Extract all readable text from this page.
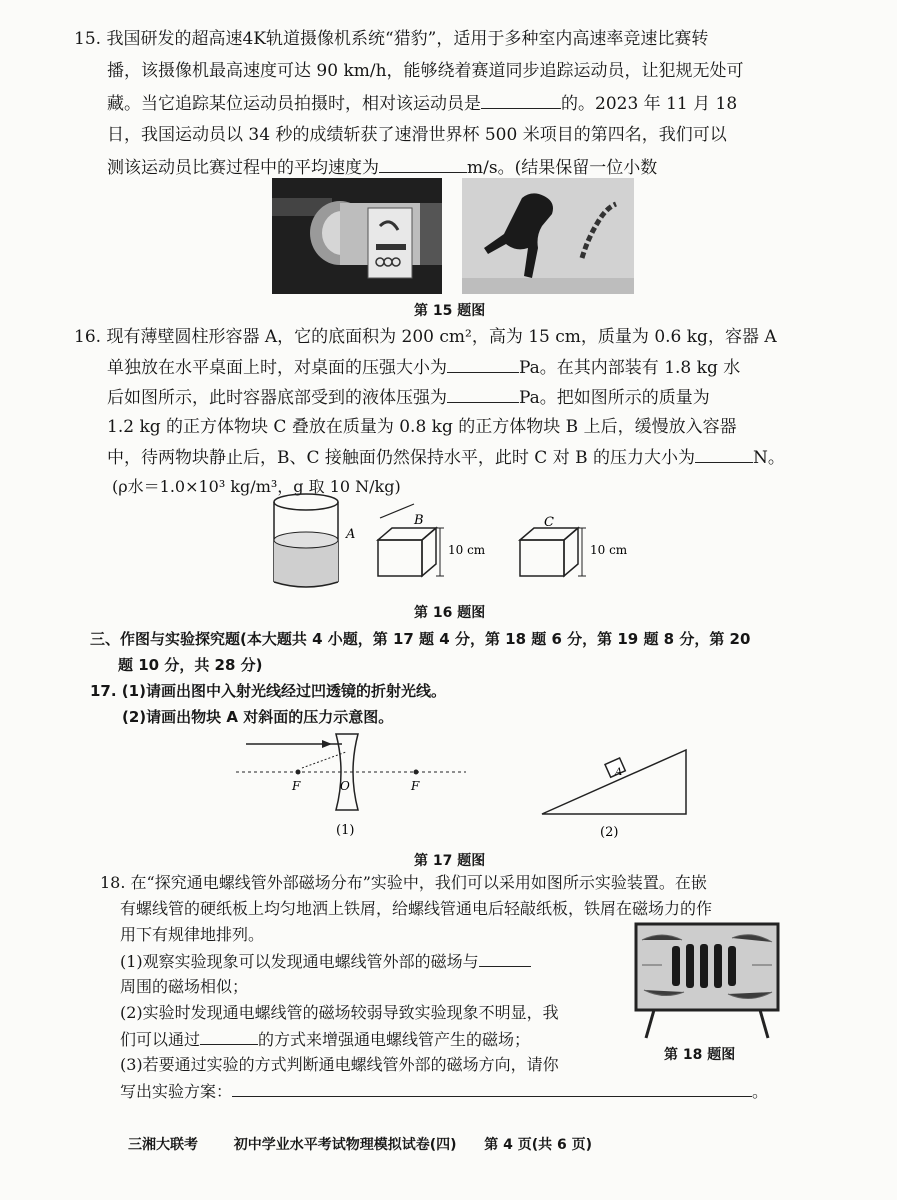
15. 我国研发的超高速4K轨道摄像机系统“猎豹”，适用于多种室内高速率竞速比赛转
播，该摄像机最高速度可达 90 km/h，能够绕着赛道同步追踪运动员，让犯规无处可
藏。当它追踪某位运动员拍摄时，相对该运动员是	的。2023 年 11 月 18
日，我国运动员以 34 秒的成绩斩获了速滑世界杯 500 米项目的第四名，我们可以
测该运动员比赛过程中的平均速度为	m/s。(结果保留一位小数
第 15 题图
16. 现有薄壁圆柱形容器 A，它的底面积为 200 cm²，高为 15 cm，质量为 0.6 kg，容器 A
单独放在水平桌面上时，对桌面的压强大小为	Pa。在其内部装有 1.8 kg 水
后如图所示，此时容器底部受到的液体压强为	Pa。把如图所示的质量为
1.2 kg 的正方体物块 C 叠放在质量为 0.8 kg 的正方体物块 B 上后，缓慢放入容器
中，待两物块静止后，B、C 接触面仍然保持水平，此时 C 对 B 的压力大小为	N。
(ρ水＝1.0×10³ kg/m³，g 取 10 N/kg)
A
B
10 cm
C
10 cm
第 16 题图
三、作图与实验探究题(本大题共 4 小题，第 17 题 4 分，第 18 题 6 分，第 19 题 8 分，第 20
题 10 分，共 28 分)
17. (1)请画出图中入射光线经过凹透镜的折射光线。
(2)请画出物块 A 对斜面的压力示意图。
F	O	F
(1)
A
(2)
第 17 题图
18. 在“探究通电螺线管外部磁场分布”实验中，我们可以采用如图所示实验装置。在嵌
有螺线管的硬纸板上均匀地洒上铁屑，给螺线管通电后轻敲纸板，铁屑在磁场力的作
用下有规律地排列。
(1)观察实验现象可以发现通电螺线管外部的磁场与
周围的磁场相似；
(2)实验时发现通电螺线管的磁场较弱导致实验现象不明显，我
们可以通过	的方式来增强通电螺线管产生的磁场；
(3)若要通过实验的方式判断通电螺线管外部的磁场方向，请你
写出实验方案：	。
第 18 题图
三湘大联考	初中学业水平考试物理模拟试卷(四) 第 4 页(共 6 页)
